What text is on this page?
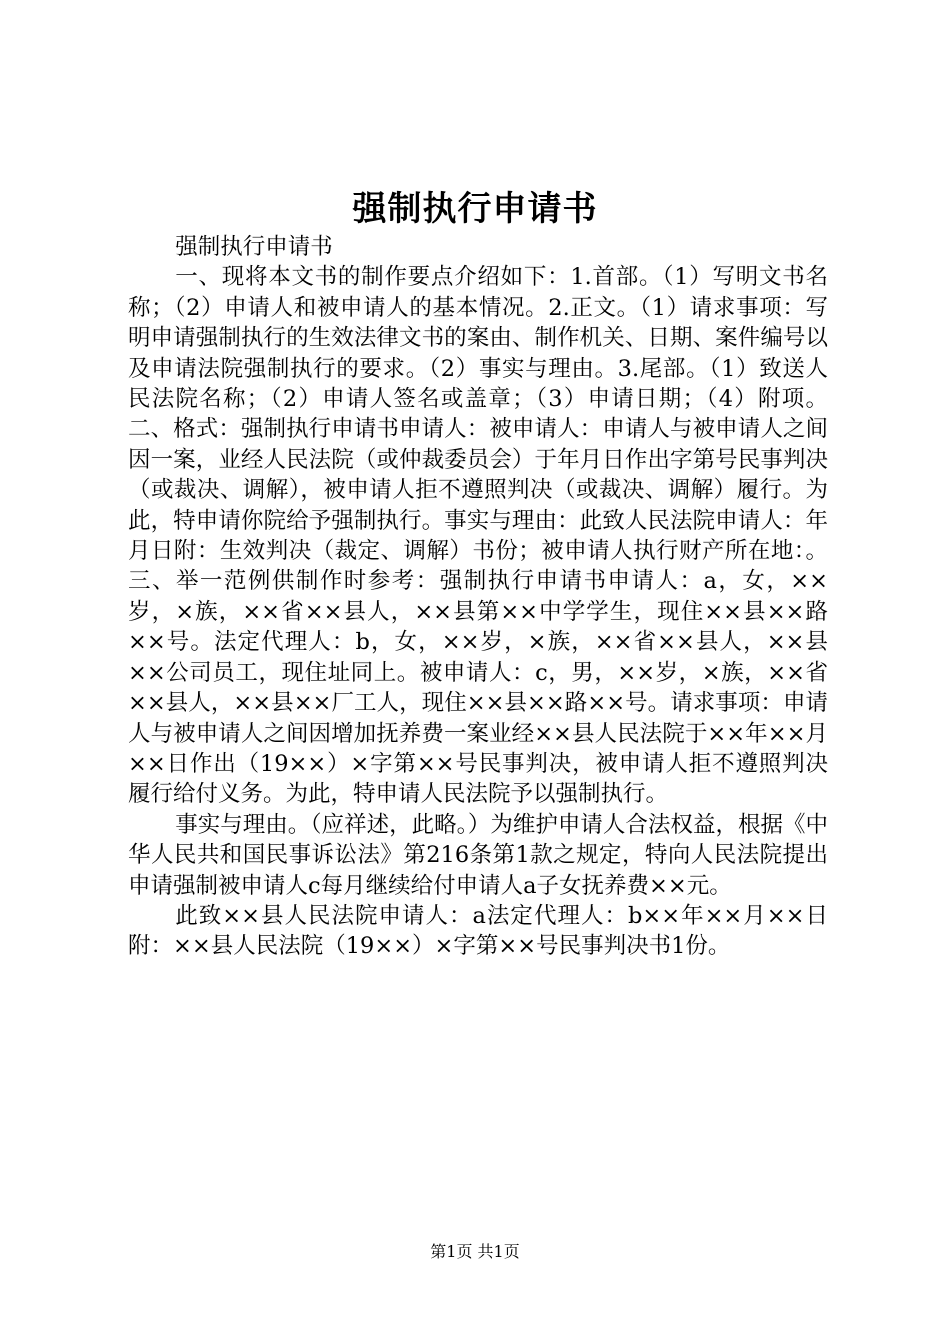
强制执行申请书

强制执行申请书

一、现将本文书的制作要点介绍如下：1.首部。（1）写明文书名称；（2）申请人和被申请人的基本情况。2.正文。（1）请求事项：写明申请强制执行的生效法律文书的案由、制作机关、日期、案件编号以及申请法院强制执行的要求。（2）事实与理由。3.尾部。（1）致送人民法院名称；（2）申请人签名或盖章；（3）申请日期；（4）附项。二、格式：强制执行申请书申请人：被申请人：申请人与被申请人之间因一案，业经人民法院（或仲裁委员会）于年月日作出字第号民事判决（或裁决、调解），被申请人拒不遵照判决（或裁决、调解）履行。为此，特申请你院给予强制执行。事实与理由：此致人民法院申请人：年月日附：生效判决（裁定、调解）书份；被申请人执行财产所在地：。三、举一范例供制作时参考：强制执行申请书申请人：a，女，××岁，×族，××省××县人，××县第××中学学生，现住××县××路××号。法定代理人：b，女，××岁，×族，××省××县人，××县××公司员工，现住址同上。被申请人：c，男，××岁，×族，××省××县人，××县××厂工人，现住××县××路××号。请求事项：申请人与被申请人之间因增加抚养费一案业经××县人民法院于××年××月××日作出（19××）×字第××号民事判决，被申请人拒不遵照判决履行给付义务。为此，特申请人民法院予以强制执行。

事实与理由。（应祥述，此略。）为维护申请人合法权益，根据《中华人民共和国民事诉讼法》第216条第1款之规定，特向人民法院提出申请强制被申请人c每月继续给付申请人a子女抚养费××元。

此致××县人民法院申请人：a法定代理人：b××年××月××日附：××县人民法院（19××）×字第××号民事判决书1份。

第1页 共1页
